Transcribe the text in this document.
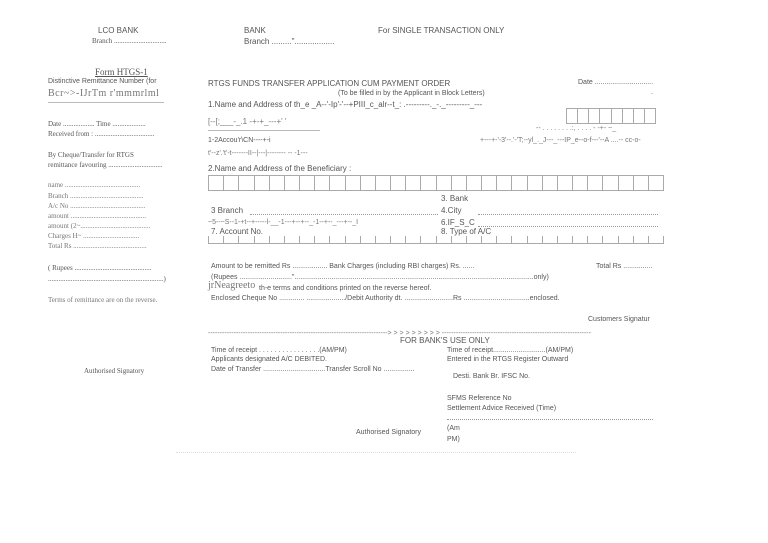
LCO BANK
Branch ..............................
BANK
Branch ........."..................
For SINGLE TRANSACTION ONLY
Form HTGS-1
Distinctive Remittance Number (for
Bcr~>-IJrTm r'mmmrlml
Date .................. Time ...................
Received from : ..................................
By Cheque/Transfer for RTGS
remittance favouring ...............................
name ...........................................
Branch ..........................................
A/c No ...........................................
amount ...........................................
amount (2~........................................
Charges H~ ................................
Total Rs ..........................................
( Rupees ............................................
..................................................................)
Terms of remittance are on the reverse.
Authorised Signatory
RTGS FUNDS TRANSFER APPLICATION CUM PAYMENT ORDER	Date ..............................
.
(To be filled in by the Applicant in Block Letters)
1.Name and Address of th_e _A--'-Ip'-'--+PIII_c_alr--t_: .---------._-._---------_---
[--[;___-_.1 -+-+_---+' '
-- . . . . . . . .:, . . . . - -+- ~_
1-2Accou'r\CN----+-i	+---+-'-3'--.'-'T;--yl_._J---_---IP_e--o-f---'--A ....-- cc-o-
t'--z'.'t'-t-------II--|---|-------- -- -1---
2.Name and Address of the Beneficiary :
3. Bank
3 Branch	4.City
~5--~S--1-+t--+-----l-__-1---+--+--_-1--+--_---+--_I	6.IF_S_C
7. Account No.	8. Type of A/C
Amount to be remitted Rs .................. Bank Charges (including RBI charges) Rs. ......	Total Rs ...............
(Rupees ..........................."...........................................................................................................................only)
jrNeagreeto th-e terms and conditions printed on the reverse hereof.
Enclosed Cheque No ............. ..................../Debit Authority dt. .........................Rs ..................................enclosed.
Customers Signatur
-----------------------------------------------------------------------------> > > > > > > > > ----------------------------------------------------------------
FOR BANK'S USE ONLY
Time of receipt . . . . . . . . . . . . . . . .(AM/PM)
Applicants designated A/C DEBITED.
Date of Transfer ................................Transfer Scroll No ................
Time of receipt...........................(AM/PM)
Entered in the RTGS Register Outward
Desti. Bank Br. IFSC No.
SFMS Reference No
Settlement Advice Received (Time)
Authorised Signatory
(Am
PM)
